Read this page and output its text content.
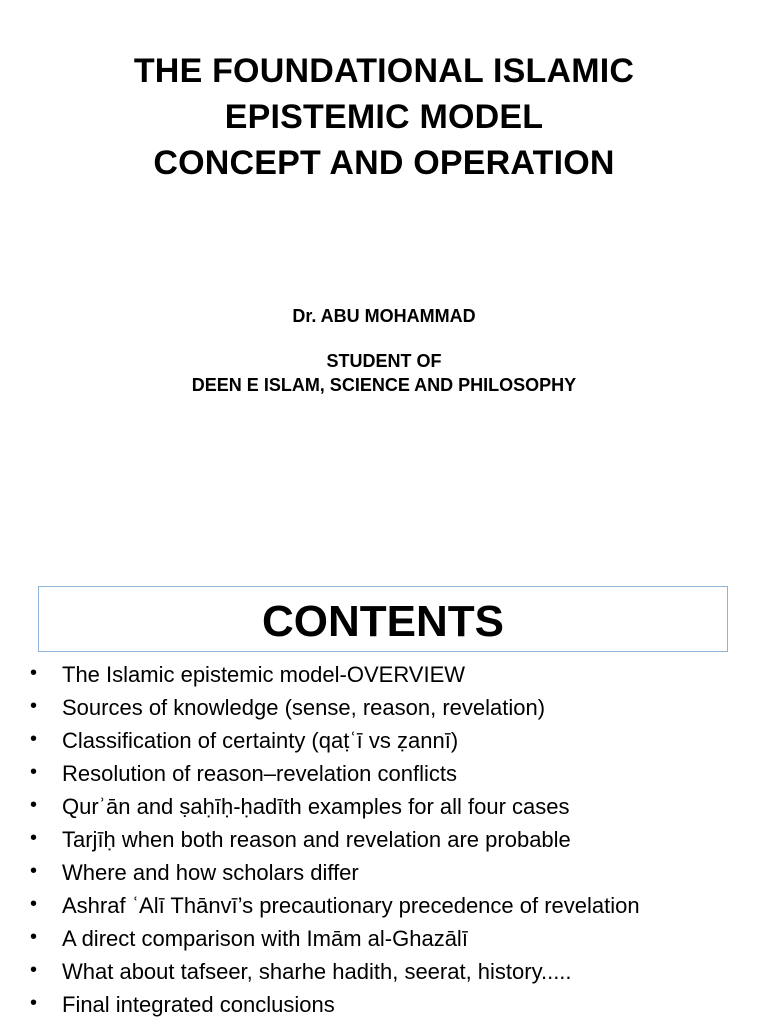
THE FOUNDATIONAL ISLAMIC
EPISTEMIC MODEL
CONCEPT AND OPERATION
Dr. ABU MOHAMMAD
STUDENT OF
DEEN E ISLAM, SCIENCE AND PHILOSOPHY
CONTENTS
• The Islamic epistemic model-OVERVIEW
• Sources of knowledge (sense, reason, revelation)
• Classification of certainty (qaṭʿī vs ẓannī)
• Resolution of reason–revelation conflicts
• Qurʾān and ṣaḥīḥ-ḥadīth examples for all four cases
• Tarjīḥ when both reason and revelation are probable
• Where and how scholars differ
• Ashraf ʿAlī Thānvī’s precautionary precedence of revelation
• A direct comparison with Imām al-Ghazālī
• What about tafseer, sharhe hadith, seerat, history.....
• Final integrated conclusions
